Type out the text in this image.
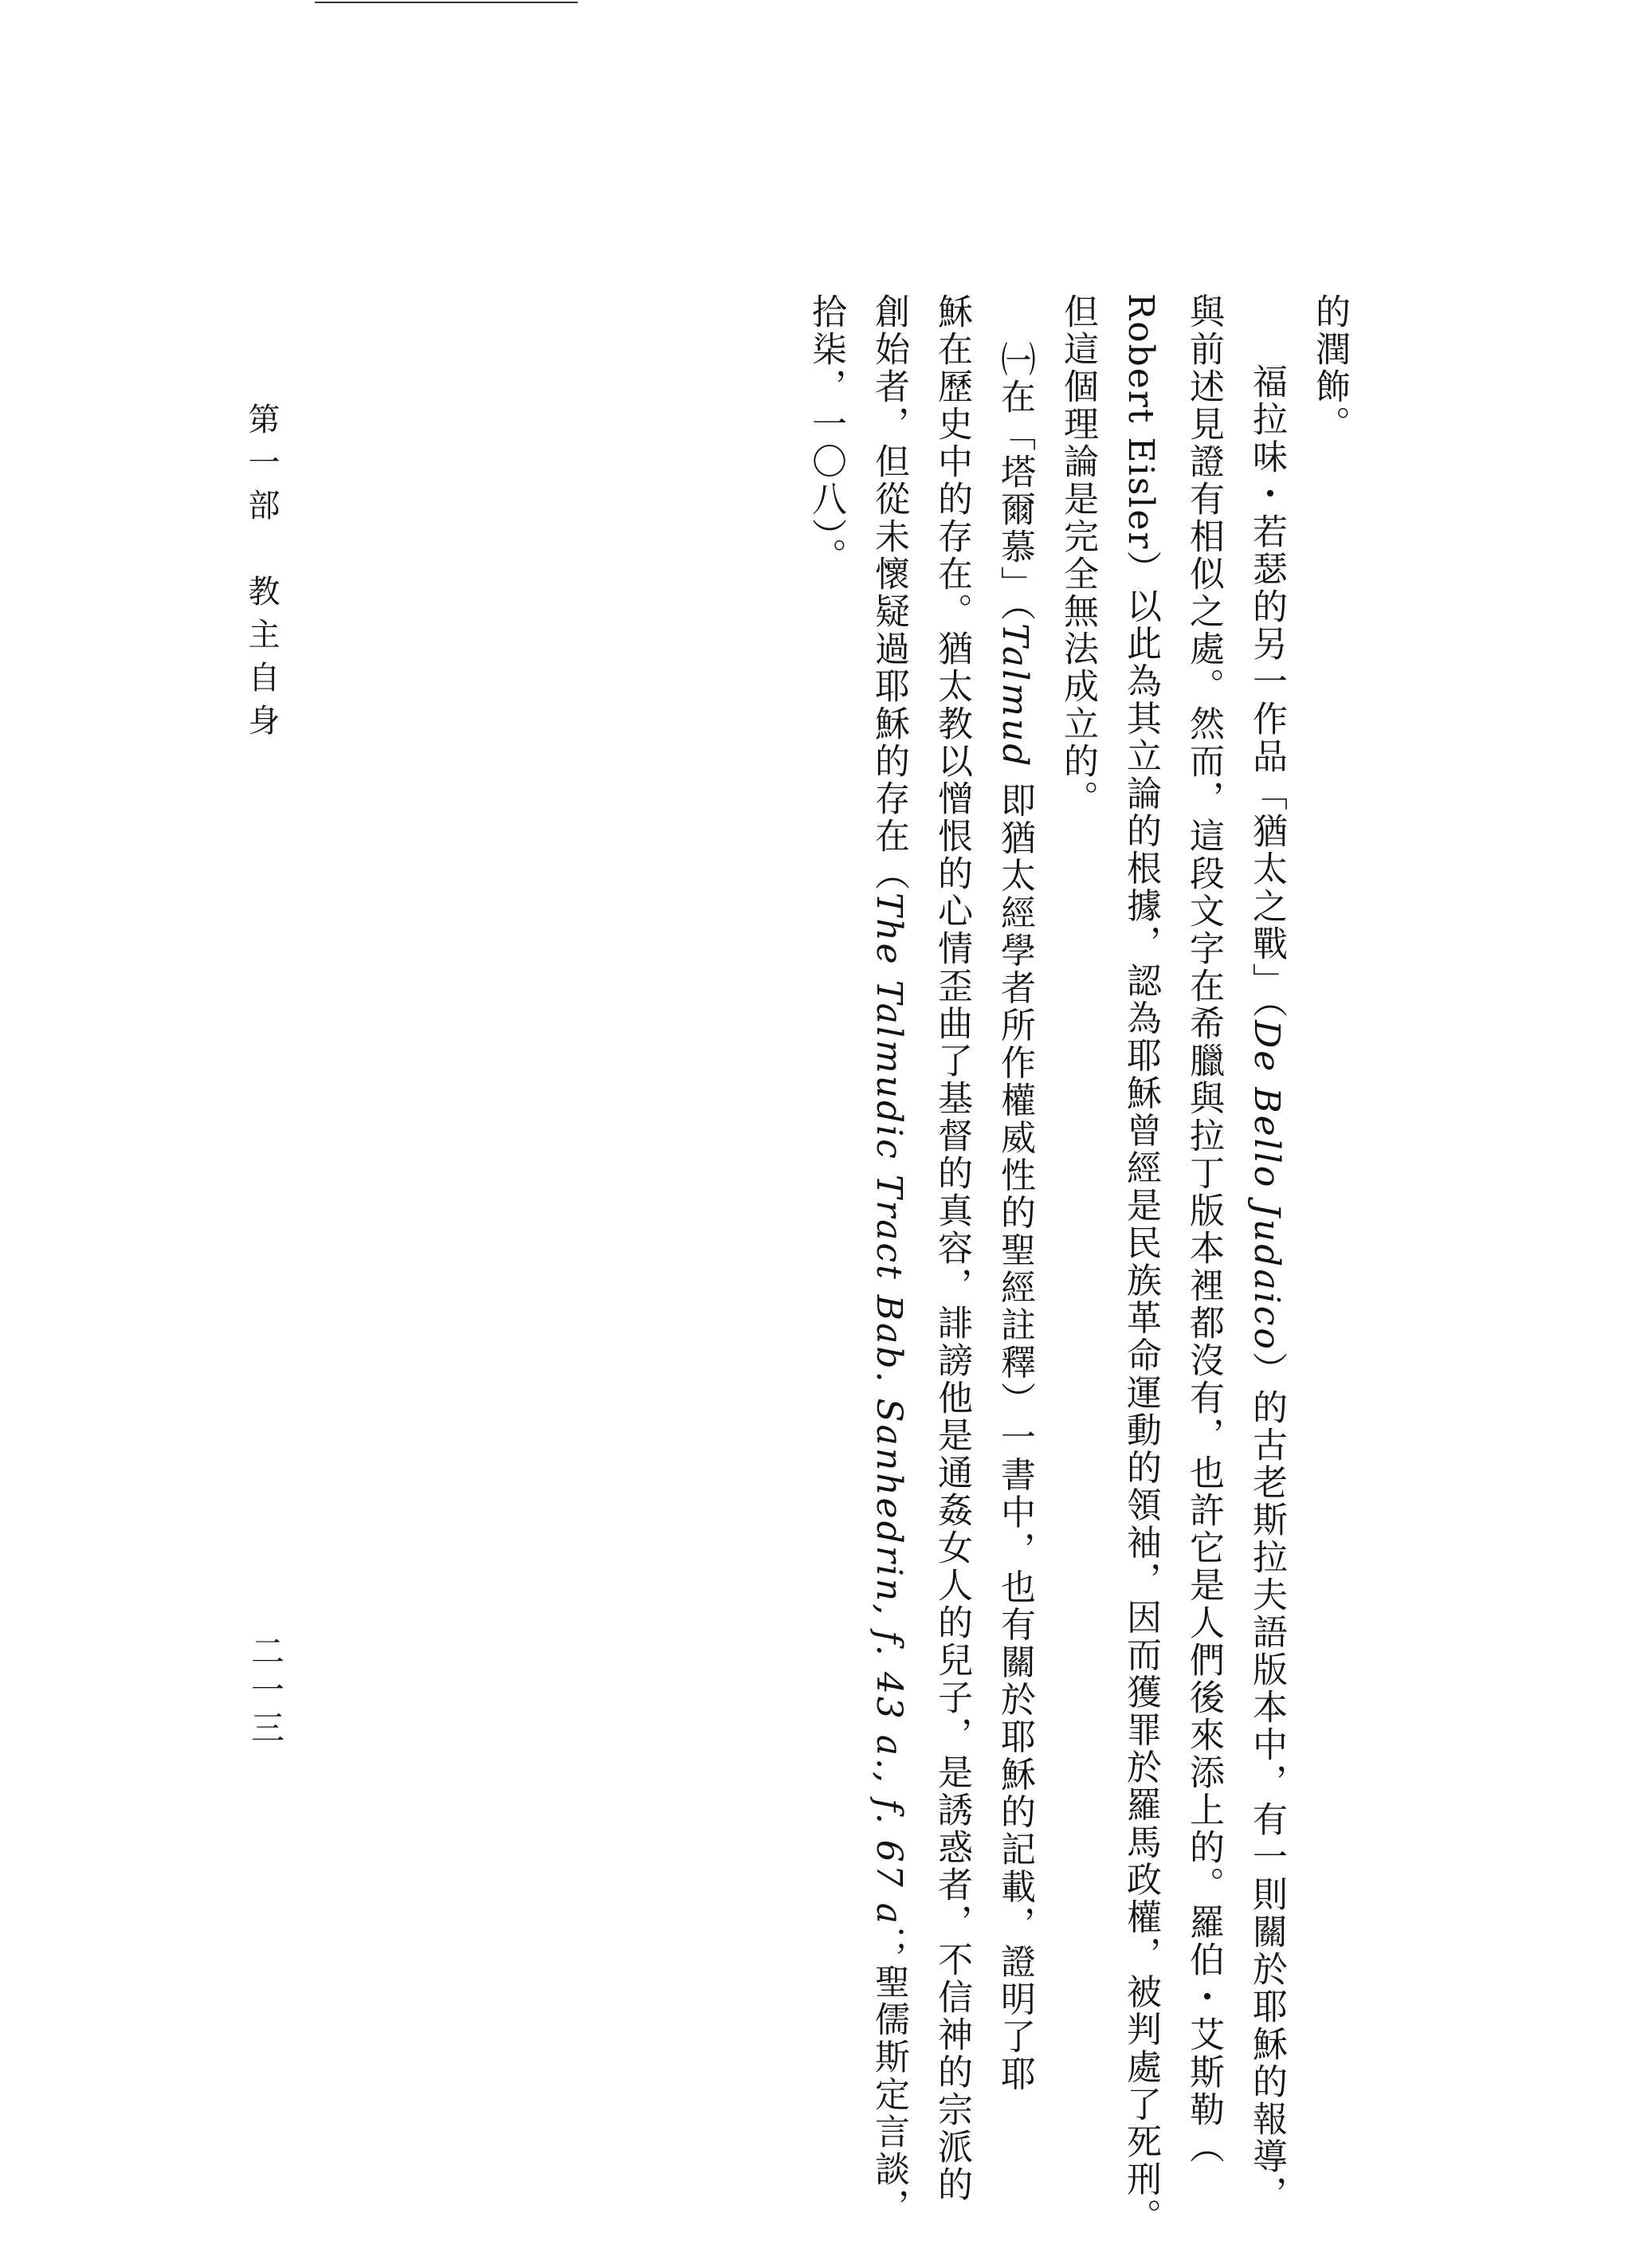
的潤飾。
福拉味・若瑟的另一作品「猶太之戰」（De Bello Judaico）的古老斯拉夫語版本中，有一則關於耶穌的報導，
與前述見證有相似之處。然而，這段文字在希臘與拉丁版本裡都沒有，也許它是人們後來添上的。羅伯・艾斯勒（
Robert Eisler）以此為其立論的根據，認為耶穌曾經是民族革命運動的領袖，因而獲罪於羅馬政權，被判處了死刑。
但這個理論是完全無法成立的。
㈠在「塔爾慕」（Talmud 即猶太經學者所作權威性的聖經註釋）一書中，也有關於耶穌的記載，證明了耶
穌在歷史中的存在。猶太教以憎恨的心情歪曲了基督的真容，誹謗他是通姦女人的兒子，是誘惑者，不信神的宗派的
創始者，但從未懷疑過耶穌的存在（The Talmudic Tract Bab. Sanhedrin, f. 43 a., f. 67 a；聖儒斯定言談，
拾柒，一〇八）。
第一部　教主自身
二一三
